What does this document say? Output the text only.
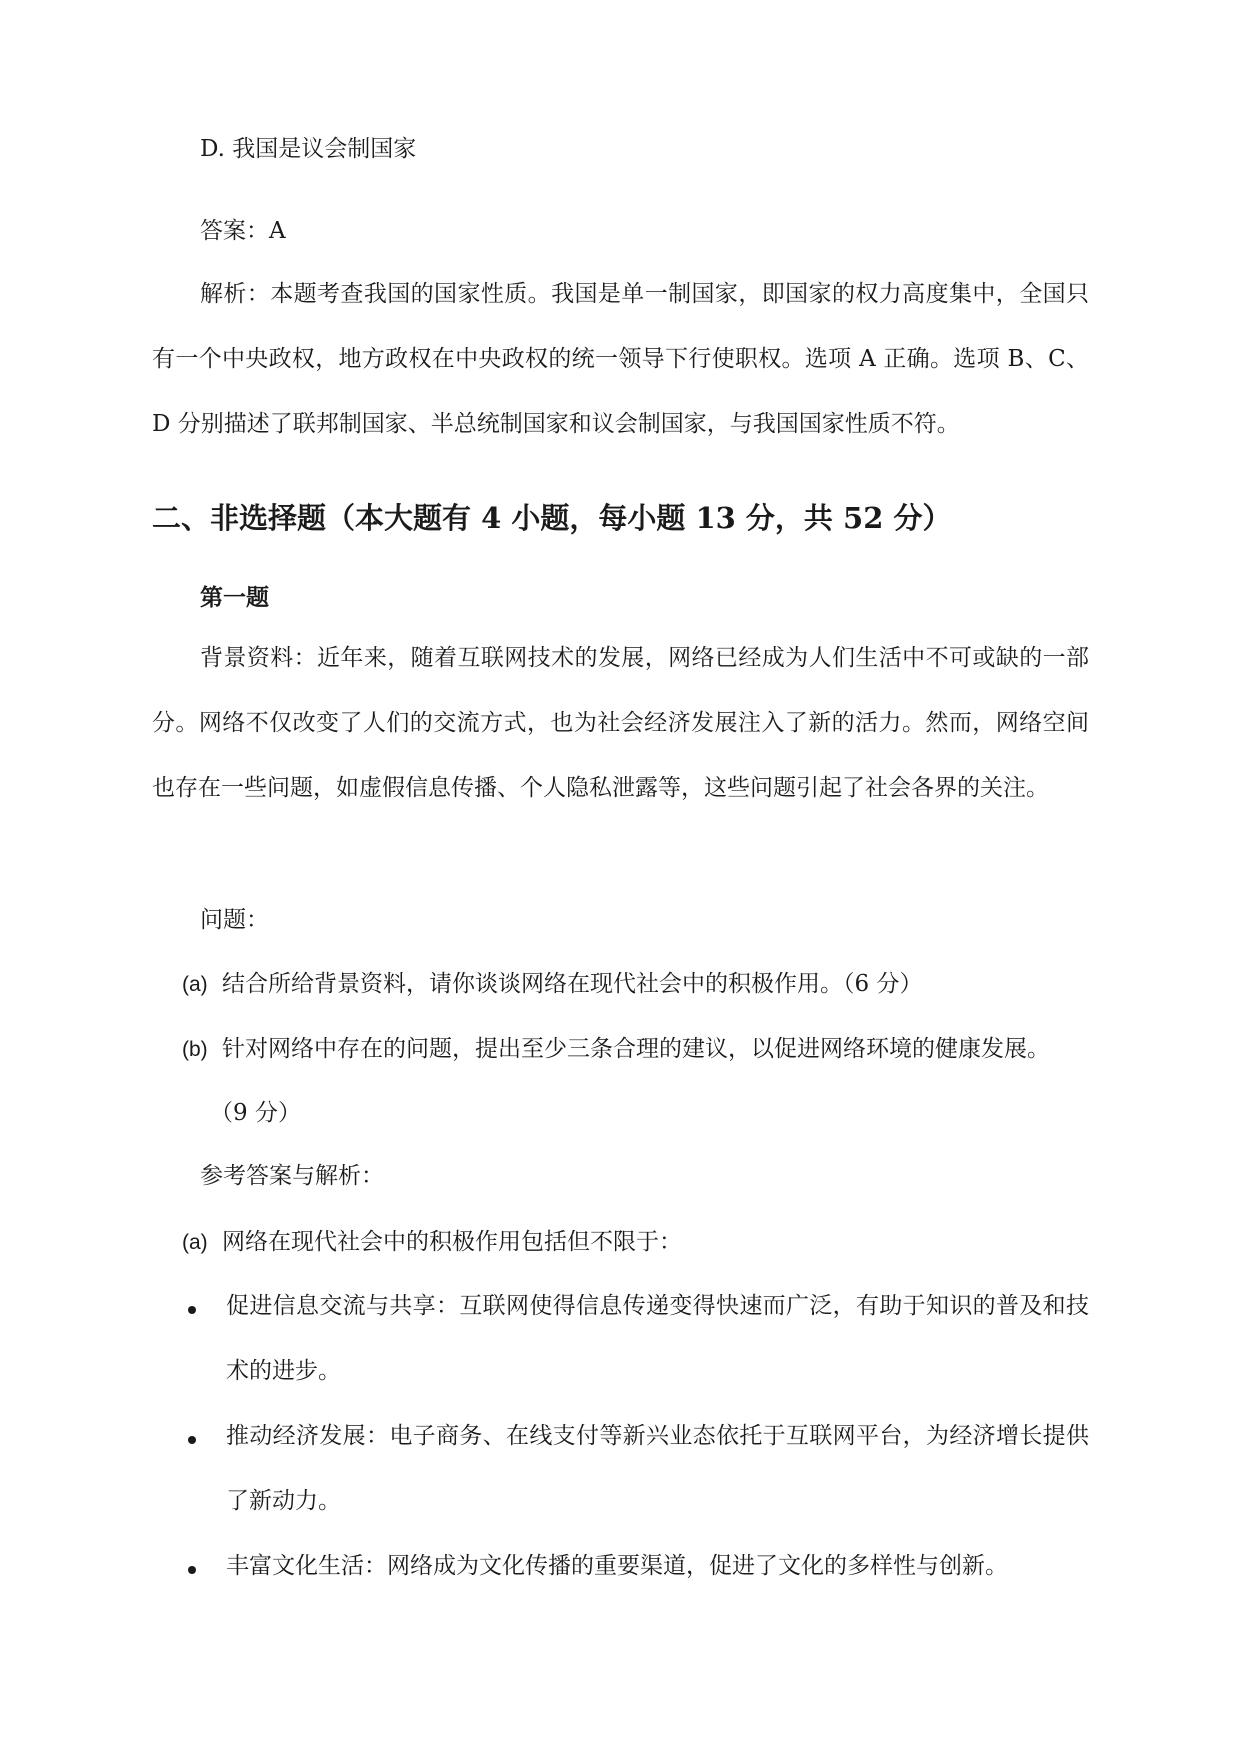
D. 我国是议会制国家
答案：A
解析：本题考查我国的国家性质。我国是单一制国家，即国家的权力高度集中，全国只有一个中央政权，地方政权在中央政权的统一领导下行使职权。选项 A 正确。选项 B、C、D 分别描述了联邦制国家、半总统制国家和议会制国家，与我国国家性质不符。
二、非选择题（本大题有 4 小题，每小题 13 分，共 52 分）
第一题
背景资料：近年来，随着互联网技术的发展，网络已经成为人们生活中不可或缺的一部分。网络不仅改变了人们的交流方式，也为社会经济发展注入了新的活力。然而，网络空间也存在一些问题，如虚假信息传播、个人隐私泄露等，这些问题引起了社会各界的关注。
问题：
(a) 结合所给背景资料，请你谈谈网络在现代社会中的积极作用。（6 分）
(b) 针对网络中存在的问题，提出至少三条合理的建议，以促进网络环境的健康发展。
（9 分）
参考答案与解析：
(a) 网络在现代社会中的积极作用包括但不限于：
促进信息交流与共享：互联网使得信息传递变得快速而广泛，有助于知识的普及和技术的进步。
推动经济发展：电子商务、在线支付等新兴业态依托于互联网平台，为经济增长提供了新动力。
丰富文化生活：网络成为文化传播的重要渠道，促进了文化的多样性与创新。
